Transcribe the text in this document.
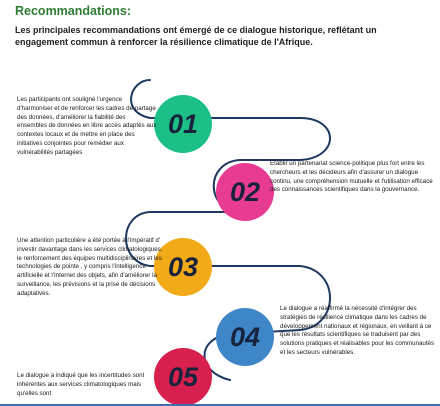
Recommandations:
Les principales recommandations ont émergé de ce dialogue historique, reflétant un engagement commun à renforcer la résilience climatique de l'Afrique.
01
02
03
04
05
Les participants ont souligné l'urgence d'harmoniser et de renforcer les cadres de partage des données, d'améliorer la fiabilité des ensembles de données en libre accès adaptés aux contextes locaux et de mettre en place des initiatives conjointes pour remédier aux vulnérabilités partagées
Établir un partenariat science-politique plus fort entre les chercheurs et les décideurs afin d'assurer un dialogue continu, une compréhension mutuelle et l'utilisation efficace des connaissances scientifiques dans la gouvernance.
Une attention particulière a été portée à l'impératif d' investir davantage dans les services climatologiques, le renforcement des équipes multidisciplinaires et les technologies de pointe , y compris l'intelligence artificielle et l'Internet des objets, afin d'améliorer la surveillance, les prévisions et la prise de décisions adaptatives.
Le dialogue a réaffirmé la nécessité d'intégrer des stratégies de résilience climatique dans les cadres de développement nationaux et régionaux, en veillant à ce que les résultats scientifiques se traduisent par des solutions pratiques et réalisables pour les communautés et les secteurs vulnérables.
Le dialogue a indiqué que les incertitudes sont inhérentes aux services climatologiques mais qu'elles sont
